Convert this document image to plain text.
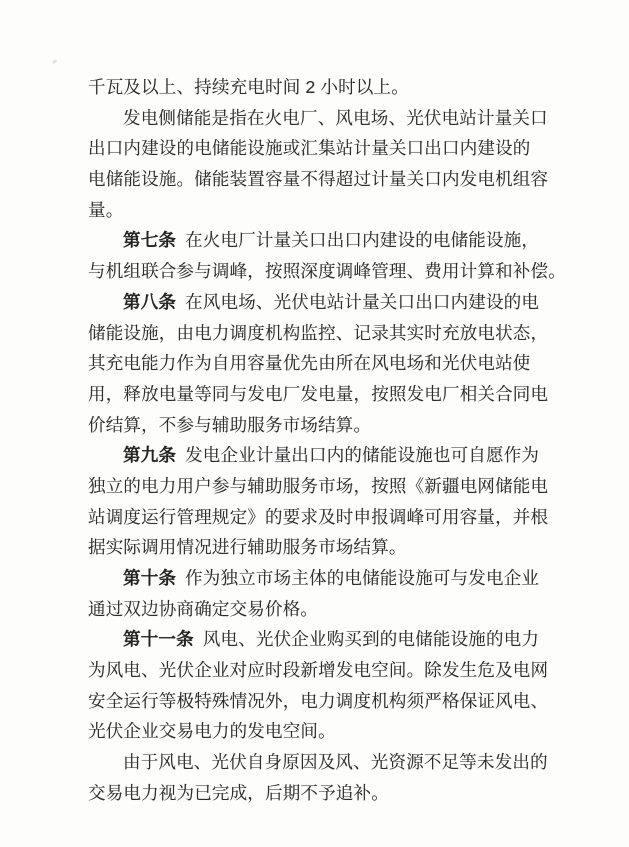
千瓦及以上、持续充电时间 2 小时以上。
发电侧储能是指在火电厂、风电场、光伏电站计量关口
出口内建设的电储能设施或汇集站计量关口出口内建设的
电储能设施。储能装置容量不得超过计量关口内发电机组容
量。
第七条 在火电厂计量关口出口内建设的电储能设施，
与机组联合参与调峰，按照深度调峰管理、费用计算和补偿。
第八条 在风电场、光伏电站计量关口出口内建设的电
储能设施，由电力调度机构监控、记录其实时充放电状态，
其充电能力作为自用容量优先由所在风电场和光伏电站使
用，释放电量等同与发电厂发电量，按照发电厂相关合同电
价结算，不参与辅助服务市场结算。
第九条 发电企业计量出口内的储能设施也可自愿作为
独立的电力用户参与辅助服务市场，按照《新疆电网储能电
站调度运行管理规定》的要求及时申报调峰可用容量，并根
据实际调用情况进行辅助服务市场结算。
第十条 作为独立市场主体的电储能设施可与发电企业
通过双边协商确定交易价格。
第十一条 风电、光伏企业购买到的电储能设施的电力
为风电、光伏企业对应时段新增发电空间。除发生危及电网
安全运行等极特殊情况外，电力调度机构须严格保证风电、
光伏企业交易电力的发电空间。
由于风电、光伏自身原因及风、光资源不足等未发出的
交易电力视为已完成，后期不予追补。
